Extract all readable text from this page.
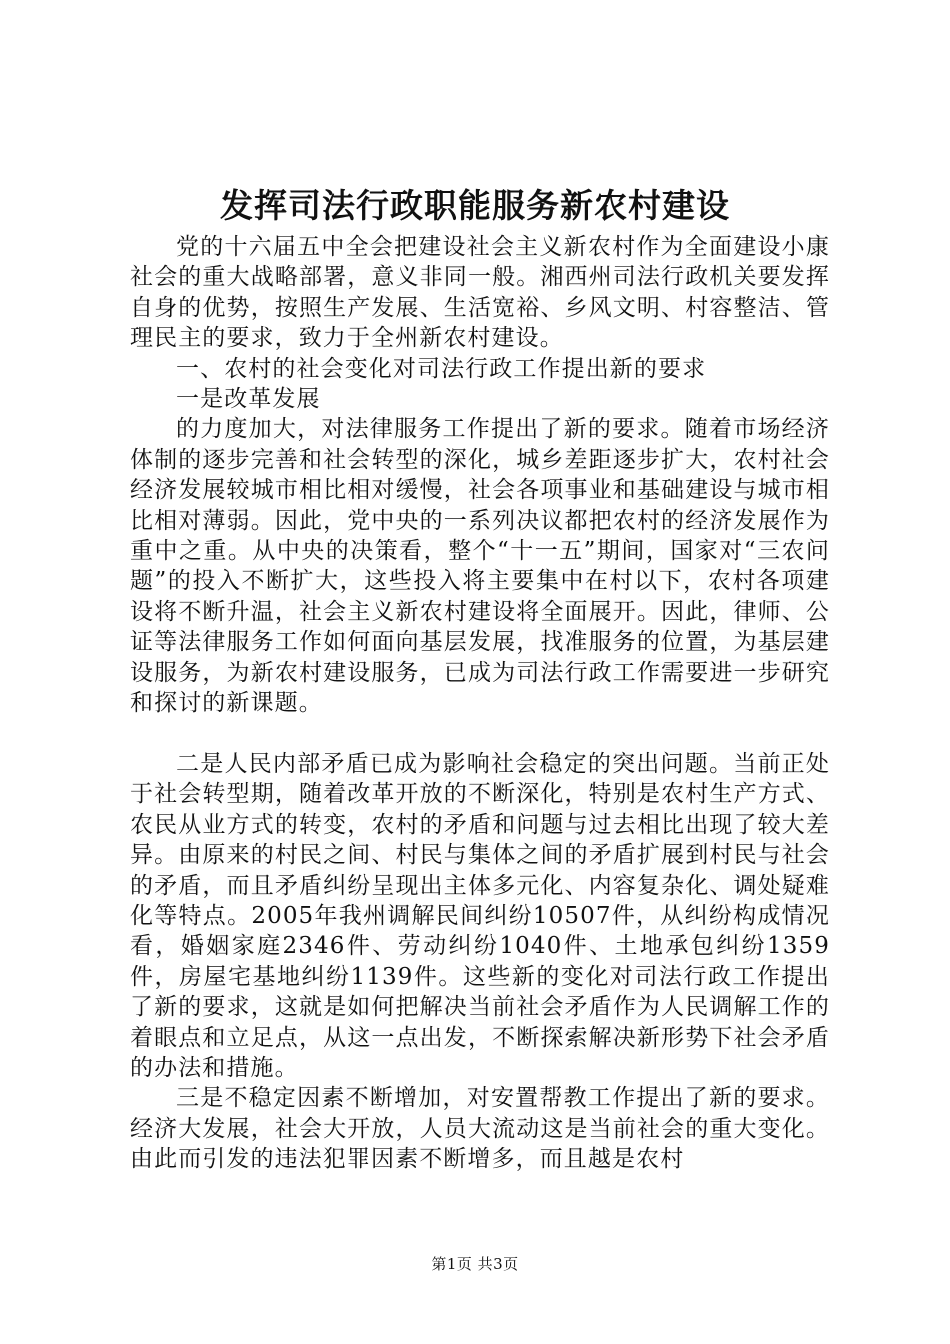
发挥司法行政职能服务新农村建设

党的十六届五中全会把建设社会主义新农村作为全面建设小康社会的重大战略部署，意义非同一般。湘西州司法行政机关要发挥自身的优势，按照生产发展、生活宽裕、乡风文明、村容整洁、管理民主的要求，致力于全州新农村建设。

一、农村的社会变化对司法行政工作提出新的要求

一是改革发展

的力度加大，对法律服务工作提出了新的要求。随着市场经济体制的逐步完善和社会转型的深化，城乡差距逐步扩大，农村社会经济发展较城市相比相对缓慢，社会各项事业和基础建设与城市相比相对薄弱。因此，党中央的一系列决议都把农村的经济发展作为重中之重。从中央的决策看，整个“十一五”期间，国家对“三农问题”的投入不断扩大，这些投入将主要集中在村以下，农村各项建设将不断升温，社会主义新农村建设将全面展开。因此，律师、公证等法律服务工作如何面向基层发展，找准服务的位置，为基层建设服务，为新农村建设服务，已成为司法行政工作需要进一步研究和探讨的新课题。

二是人民内部矛盾已成为影响社会稳定的突出问题。当前正处于社会转型期，随着改革开放的不断深化，特别是农村生产方式、农民从业方式的转变，农村的矛盾和问题与过去相比出现了较大差异。由原来的村民之间、村民与集体之间的矛盾扩展到村民与社会的矛盾，而且矛盾纠纷呈现出主体多元化、内容复杂化、调处疑难化等特点。2005年我州调解民间纠纷10507件，从纠纷构成情况看，婚姻家庭2346件、劳动纠纷1040件、土地承包纠纷1359件，房屋宅基地纠纷1139件。这些新的变化对司法行政工作提出了新的要求，这就是如何把解决当前社会矛盾作为人民调解工作的着眼点和立足点，从这一点出发，不断探索解决新形势下社会矛盾的办法和措施。

三是不稳定因素不断增加，对安置帮教工作提出了新的要求。经济大发展，社会大开放，人员大流动这是当前社会的重大变化。由此而引发的违法犯罪因素不断增多，而且越是农村

第1页 共3页
